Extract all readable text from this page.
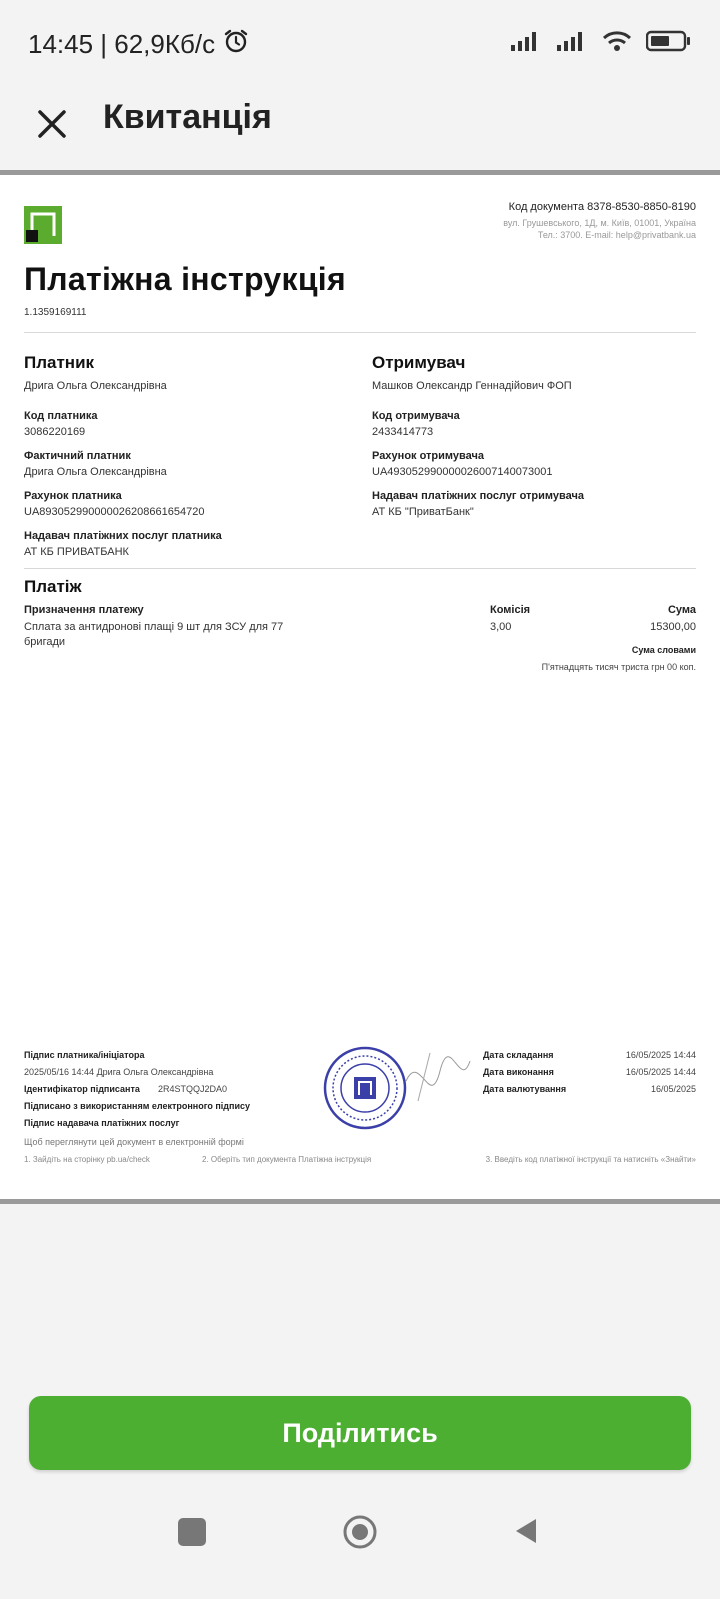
14:45 | 62,9Кб/с
Квитанція
Код документа 8378-8530-8850-8190
вул. Грушевського, 1Д, м. Київ, 01001, Україна
Тел.: 3700. E-mail: help@privatbank.ua
Платіжна інструкція
1.1359169111
Платник
Дрига Ольга Олександрівна
Код платника
3086220169
Фактичний платник
Дрига Ольга Олександрівна
Рахунок платника
UA893052990000026208661654720
Надавач платіжних послуг платника
АТ КБ ПРИВАТБАНК
Отримувач
Машков Олександр Геннадійович ФОП
Код отримувача
2433414773
Рахунок отримувача
UA493052990000026007140073001
Надавач платіжних послуг отримувача
АТ КБ "ПриватБанк"
Платіж
Призначення платежу
Сплата за антидронові плащі 9 шт для ЗСУ для 77
бригади
Комісія
3,00
Сума
15300,00
Сума словами
П'ятнадцять тисяч триста грн 00 коп.
Підпис платника/ініціатора
2025/05/16 14:44 Дрига Ольга Олександрівна
Ідентифікатор підписанта 2R4STQQJ2DA0
Підписано з використанням електронного підпису
Підпис надавача платіжних послуг
Щоб переглянути цей документ в електронній формі
Дата складання	16/05/2025 14:44
Дата виконання	16/05/2025 14:44
Дата валютування	16/05/2025
1. Зайдіть на сторінку pb.ua/check	2. Оберіть тип документа Платіжна інструкція	3. Введіть код платіжної інструкції та натисніть «Знайти»
Поділитись
